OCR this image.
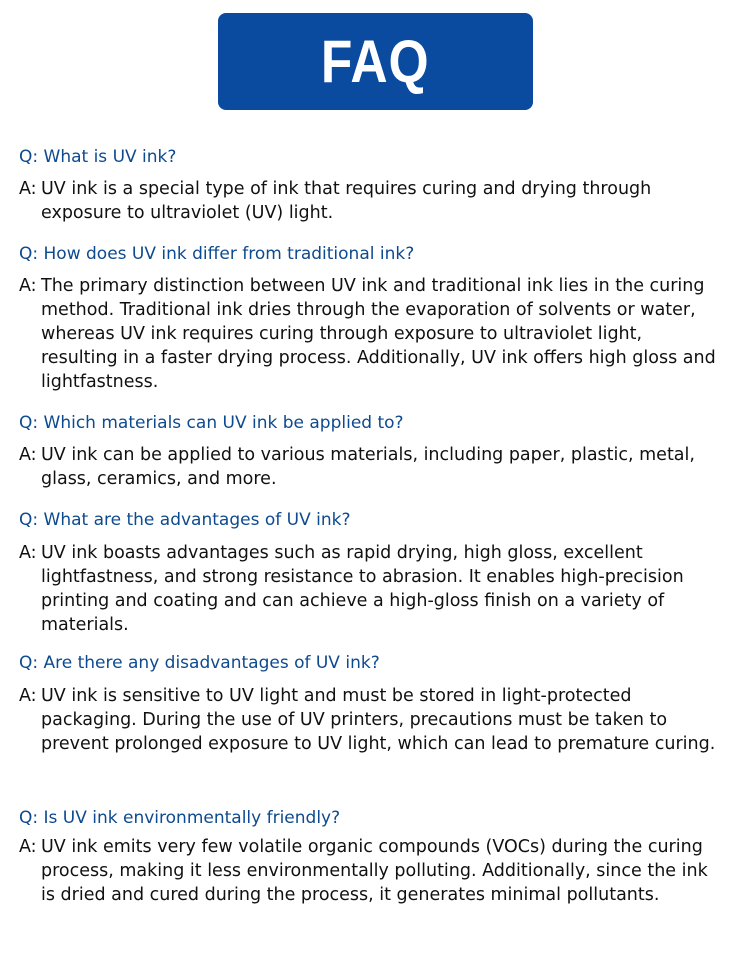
FAQ

Q: What is UV ink?

A: UV ink is a special type of ink that requires curing and drying through
exposure to ultraviolet (UV) light.

Q: How does UV ink differ from traditional ink?

A: The primary distinction between UV ink and traditional ink lies in the curing
method. Traditional ink dries through the evaporation of solvents or water,
whereas UV ink requires curing through exposure to ultraviolet light,
resulting in a faster drying process. Additionally, UV ink offers high gloss and
lightfastness.

Q: Which materials can UV ink be applied to?

A: UV ink can be applied to various materials, including paper, plastic, metal,
glass, ceramics, and more.

Q: What are the advantages of UV ink?

A: UV ink boasts advantages such as rapid drying, high gloss, excellent
lightfastness, and strong resistance to abrasion. It enables high-precision
printing and coating and can achieve a high-gloss finish on a variety of
materials.

Q: Are there any disadvantages of UV ink?

A: UV ink is sensitive to UV light and must be stored in light-protected
packaging. During the use of UV printers, precautions must be taken to
prevent prolonged exposure to UV light, which can lead to premature curing.

Q: Is UV ink environmentally friendly?

A: UV ink emits very few volatile organic compounds (VOCs) during the curing
process, making it less environmentally polluting. Additionally, since the ink
is dried and cured during the process, it generates minimal pollutants.
